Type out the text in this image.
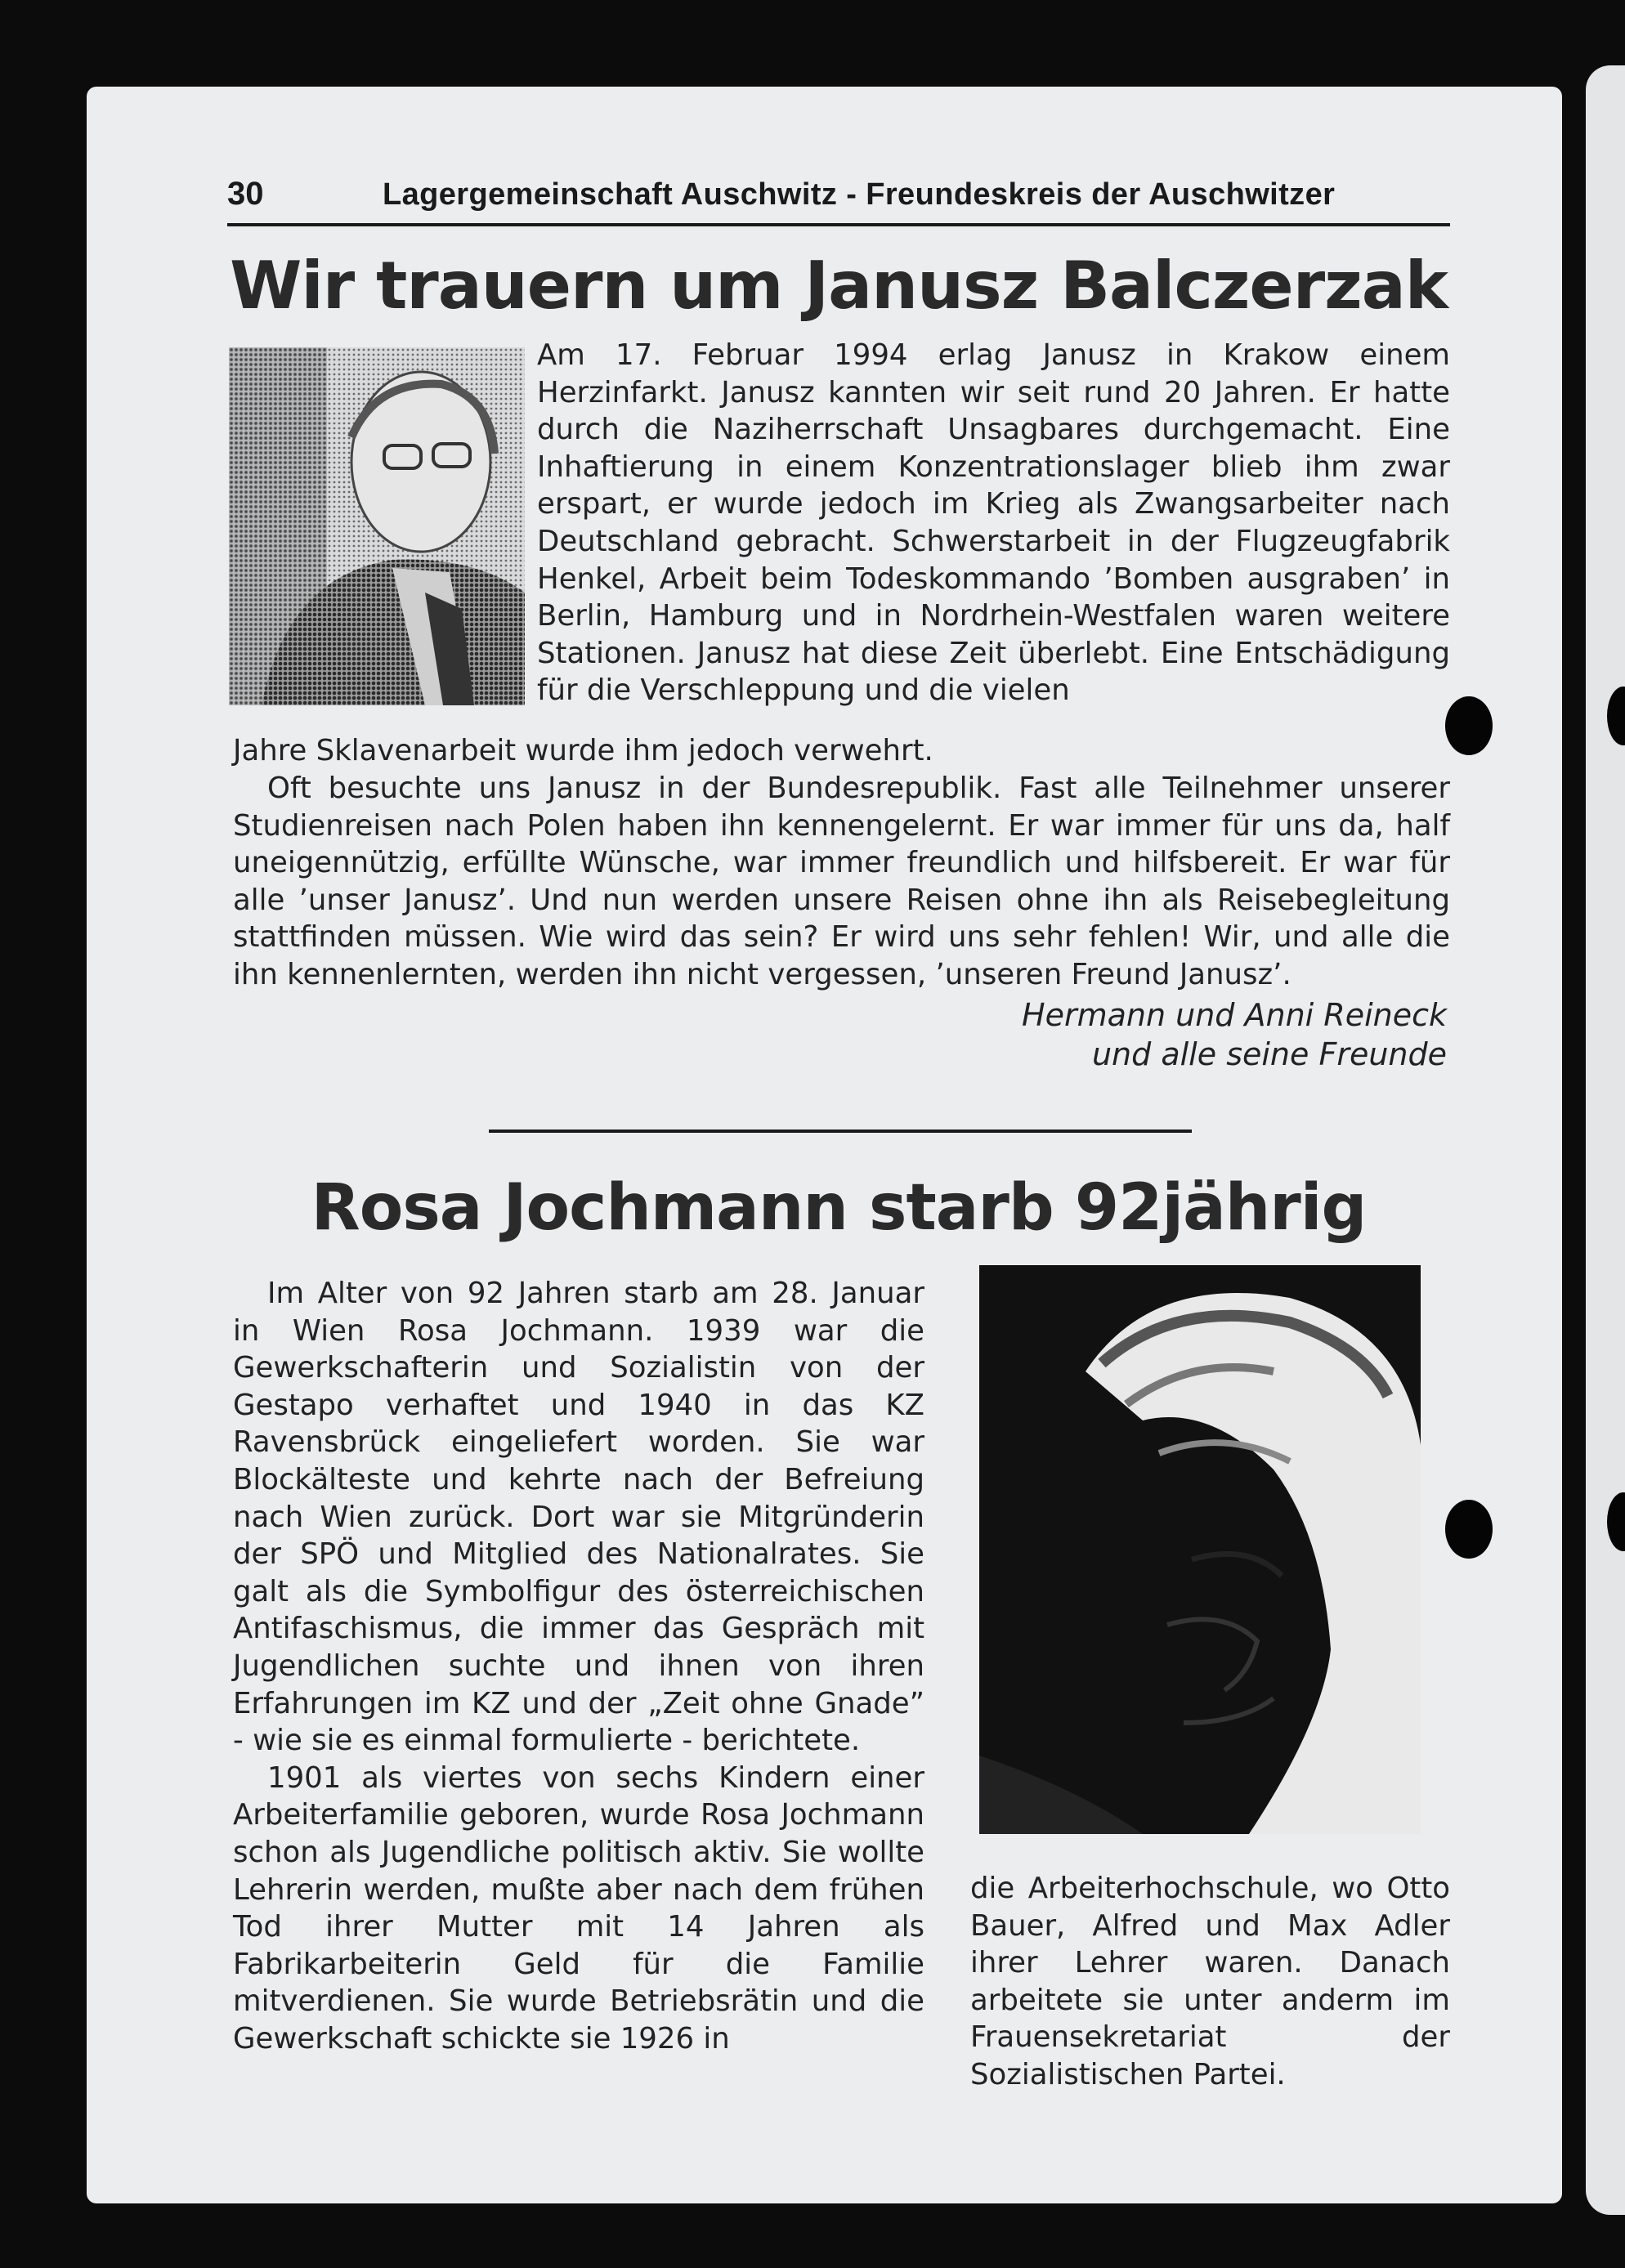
30	Lagergemeinschaft Auschwitz - Freundeskreis der Auschwitzer
Wir trauern um Janusz Balczerzak
Am 17. Februar 1994 erlag Janusz in Krakow einem Herzinfarkt. Janusz kannten wir seit rund 20 Jahren. Er hatte durch die Naziherrschaft Unsagbares durchgemacht. Eine Inhaftierung in einem Konzentrationslager blieb ihm zwar erspart, er wurde jedoch im Krieg als Zwangsarbeiter nach Deutschland gebracht. Schwerstarbeit in der Flugzeugfabrik Henkel, Arbeit beim Todeskommando ’Bomben ausgraben’ in Berlin, Hamburg und in Nordrhein-Westfalen waren weitere Stationen. Janusz hat diese Zeit überlebt. Eine Entschädigung für die Verschleppung und die vielen
Jahre Sklavenarbeit wurde ihm jedoch verwehrt.
Oft besuchte uns Janusz in der Bundesrepublik. Fast alle Teilnehmer unserer Studienreisen nach Polen haben ihn kennengelernt. Er war immer für uns da, half uneigennützig, erfüllte Wünsche, war immer freundlich und hilfsbereit. Er war für alle ’unser Janusz’. Und nun werden unsere Reisen ohne ihn als Reisebegleitung stattfinden müssen. Wie wird das sein? Er wird uns sehr fehlen! Wir, und alle die ihn kennenlernten, werden ihn nicht vergessen, ’unseren Freund Janusz’.
Hermann und Anni Reineck
und alle seine Freunde
Rosa Jochmann starb 92jährig
Im Alter von 92 Jahren starb am 28. Januar in Wien Rosa Jochmann. 1939 war die Gewerkschafterin und Sozialistin von der Gestapo verhaftet und 1940 in das KZ Ravensbrück eingeliefert worden. Sie war Blockälteste und kehrte nach der Befreiung nach Wien zurück. Dort war sie Mitgründerin der SPÖ und Mitglied des Nationalrates. Sie galt als die Symbolfigur des österreichischen Antifaschismus, die immer das Gespräch mit Jugendlichen suchte und ihnen von ihren Erfahrungen im KZ und der „Zeit ohne Gnade” - wie sie es einmal formulierte - berichtete.
1901 als viertes von sechs Kindern einer Arbeiterfamilie geboren, wurde Rosa Jochmann schon als Jugendliche politisch aktiv. Sie wollte Lehrerin werden, mußte aber nach dem frühen Tod ihrer Mutter mit 14 Jahren als Fabrikarbeiterin Geld für die Familie mitverdienen. Sie wurde Betriebsrätin und die Gewerkschaft schickte sie 1926 in
die Arbeiterhochschule, wo Otto Bauer, Alfred und Max Adler ihrer Lehrer waren. Danach arbeitete sie unter anderm im Frauensekretariat der Sozialistischen Partei.
